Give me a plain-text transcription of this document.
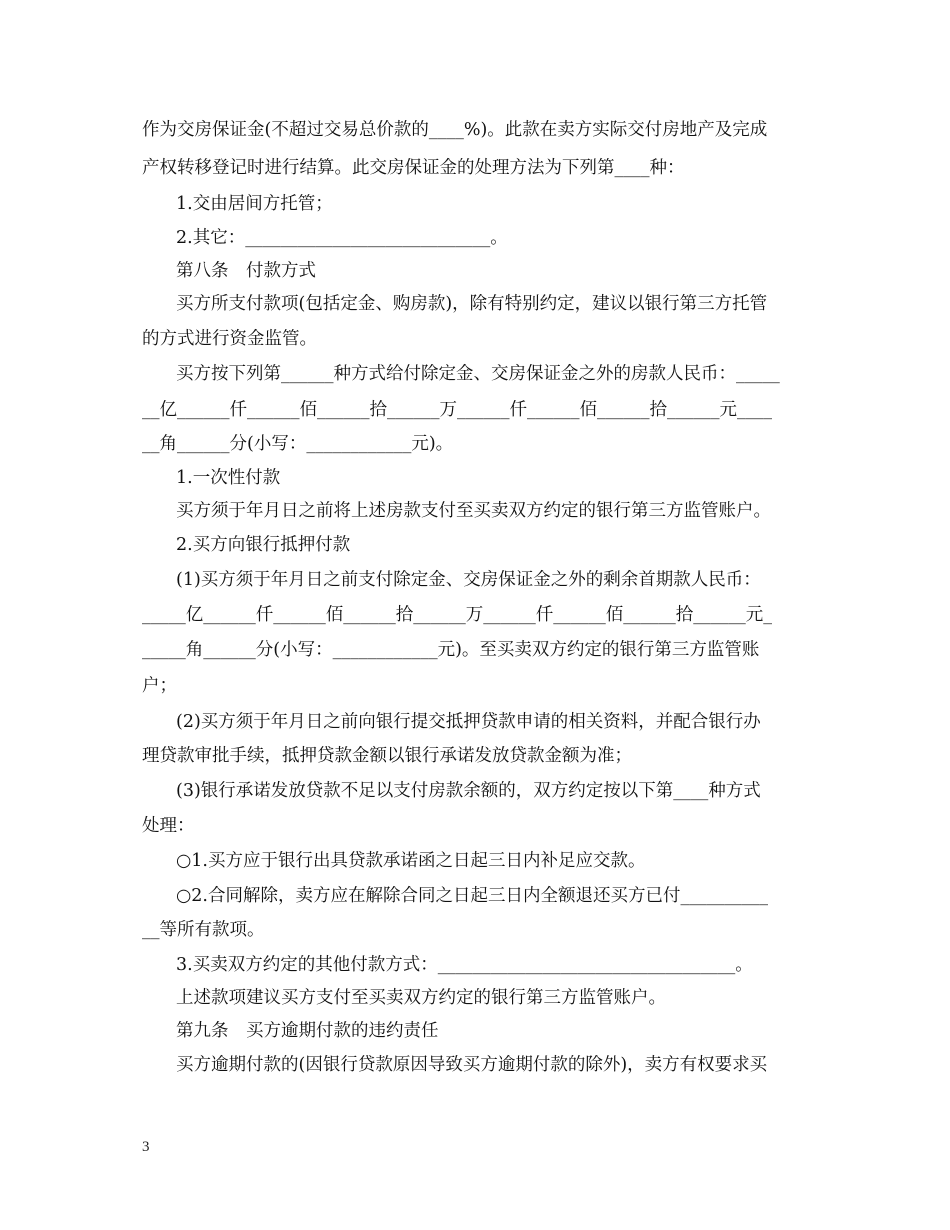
作为交房保证金(不超过交易总价款的____%)。此款在卖方实际交付房地产及完成
产权转移登记时进行结算。此交房保证金的处理方法为下列第____种：
1.交由居间方托管；
2.其它：____________________________。
第八条　付款方式
买方所支付款项(包括定金、购房款)，除有特别约定，建议以银行第三方托管
的方式进行资金监管。
买方按下列第______种方式给付除定金、交房保证金之外的房款人民币：_____
__亿______仟______佰______拾______万______仟______佰______拾______元____
__角______分(小写：____________元)。
1.一次性付款
买方须于年月日之前将上述房款支付至买卖双方约定的银行第三方监管账户。
2.买方向银行抵押付款
(1)买方须于年月日之前支付除定金、交房保证金之外的剩余首期款人民币：
_____亿______仟______佰______拾______万______仟______佰______拾______元_
_____角______分(小写：____________元)。至买卖双方约定的银行第三方监管账
户；
(2)买方须于年月日之前向银行提交抵押贷款申请的相关资料，并配合银行办
理贷款审批手续，抵押贷款金额以银行承诺发放贷款金额为准；
(3)银行承诺发放贷款不足以支付房款余额的，双方约定按以下第____种方式
处理：
○1.买方应于银行出具贷款承诺函之日起三日内补足应交款。
○2.合同解除，卖方应在解除合同之日起三日内全额退还买方已付__________
__等所有款项。
3.买卖双方约定的其他付款方式：__________________________________。
上述款项建议买方支付至买卖双方约定的银行第三方监管账户。
第九条　买方逾期付款的违约责任
买方逾期付款的(因银行贷款原因导致买方逾期付款的除外)，卖方有权要求买
3
